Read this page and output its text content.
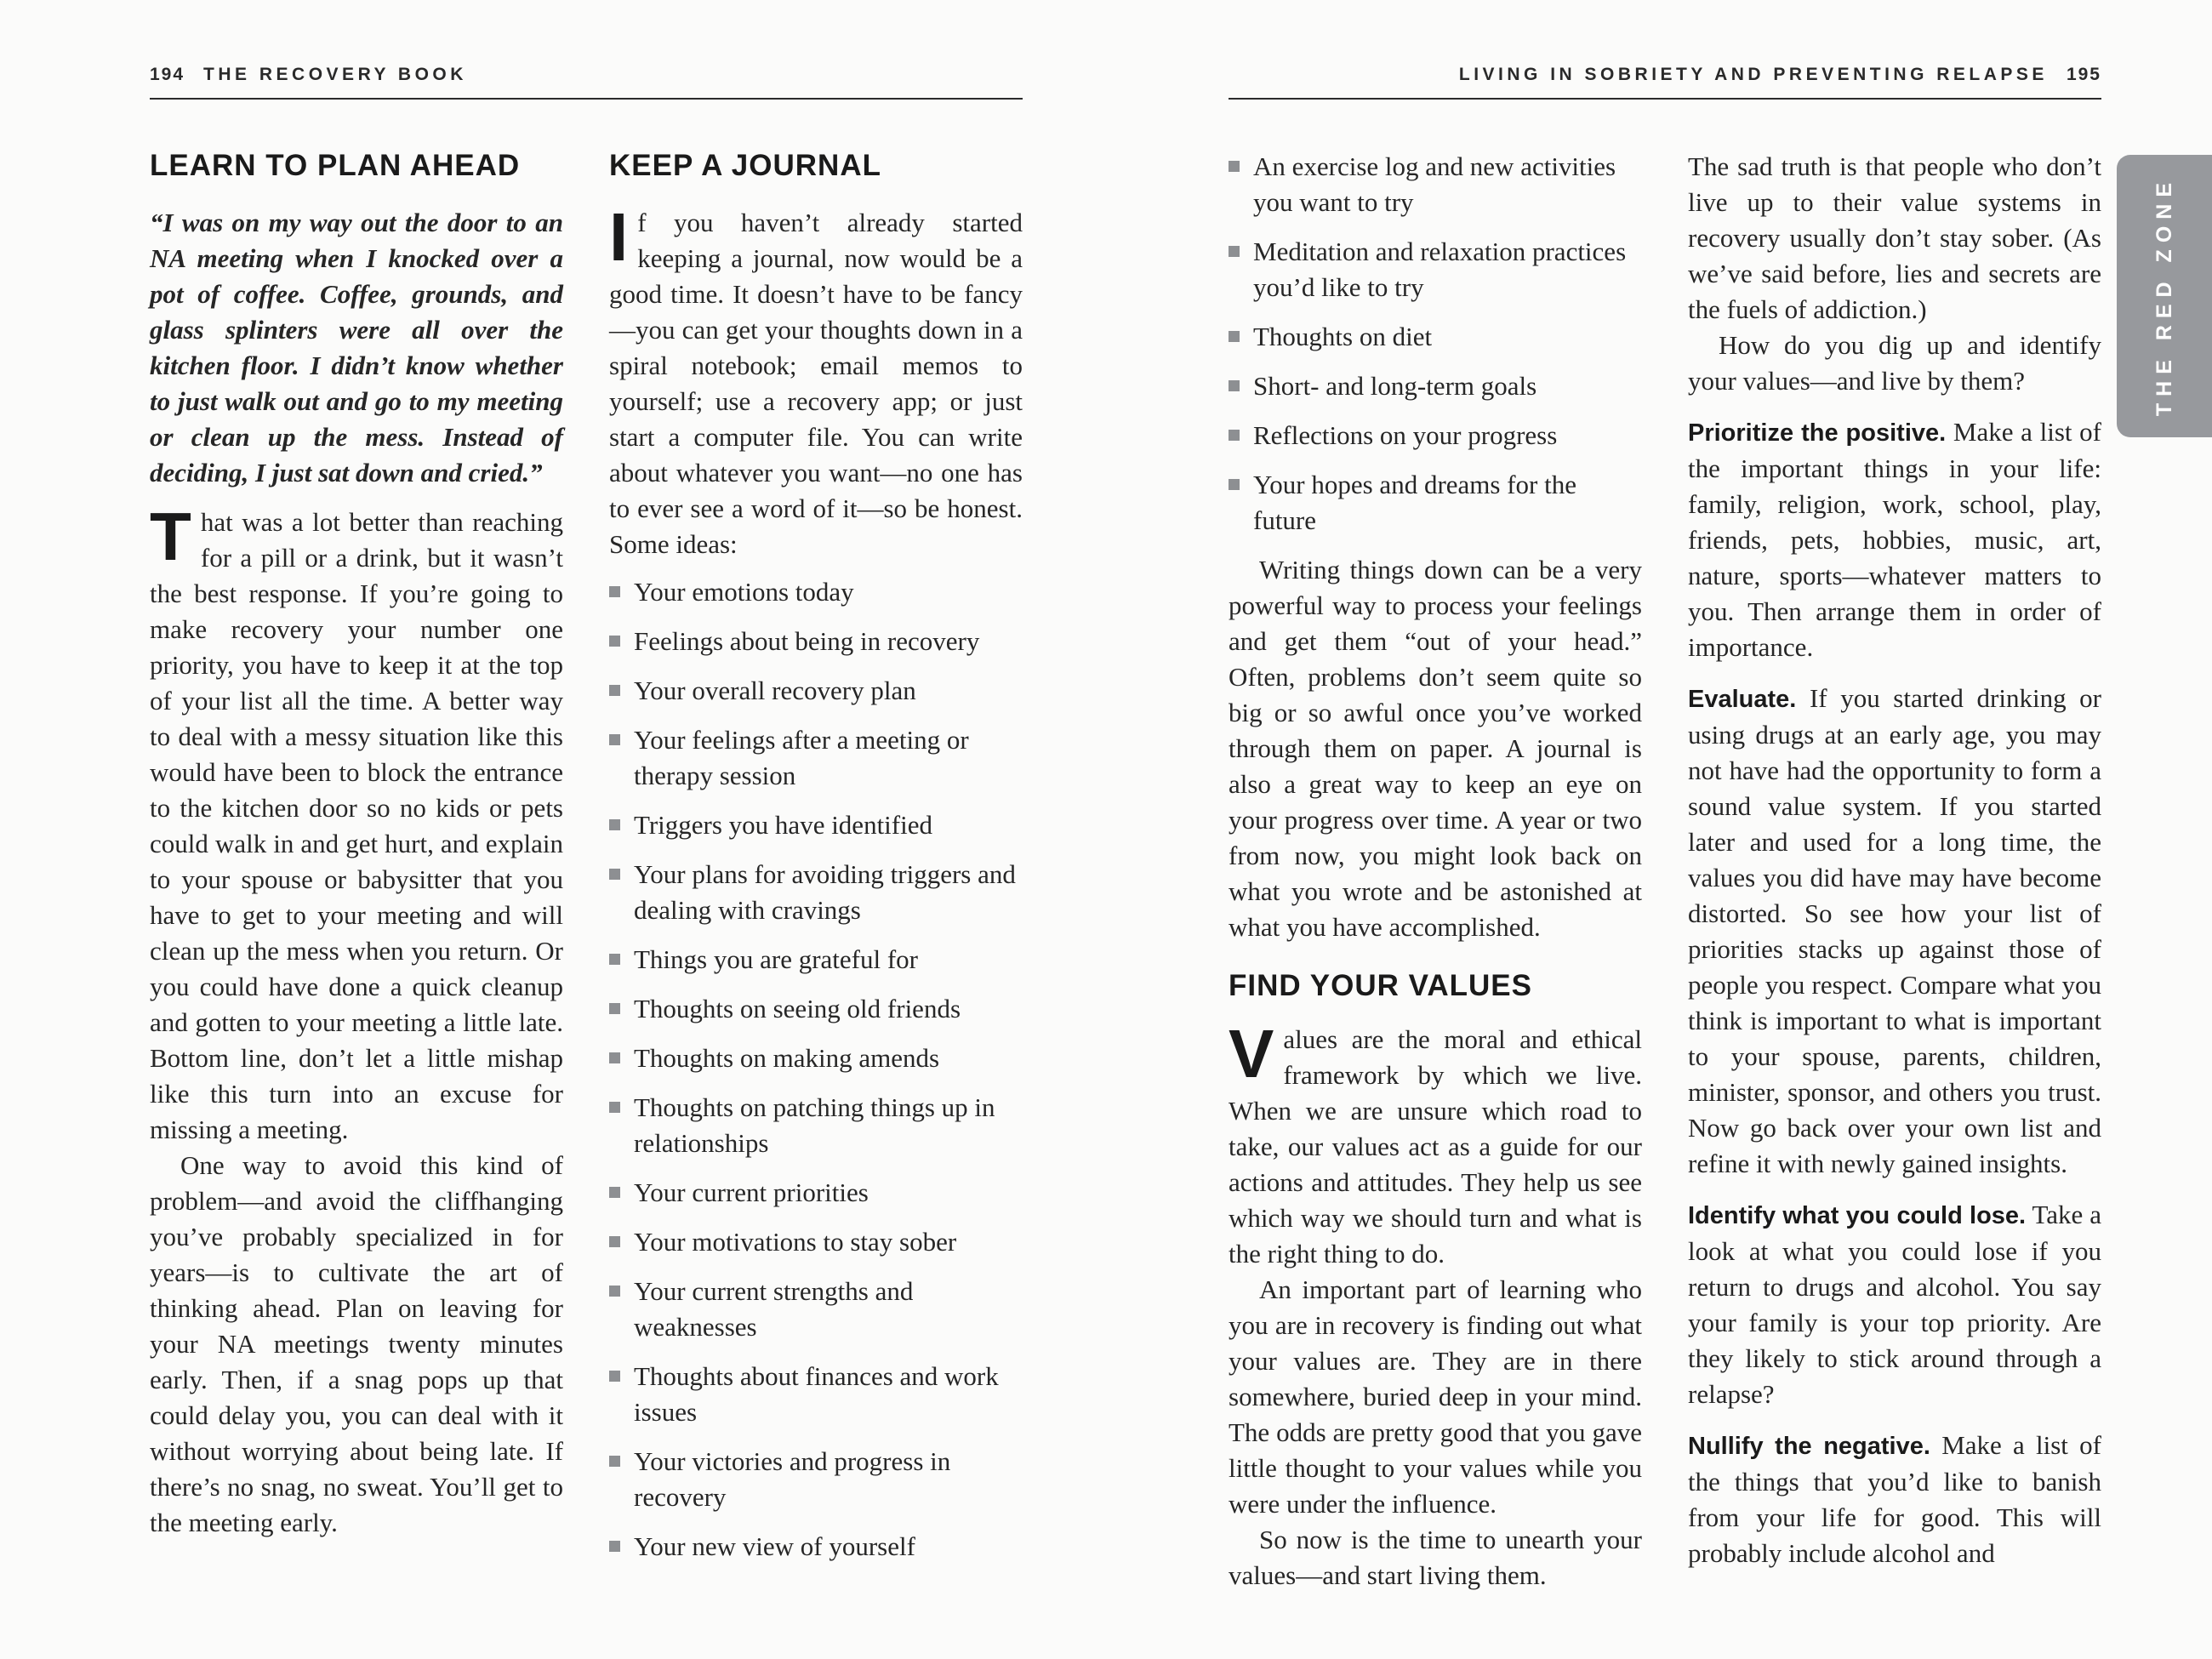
194 THE RECOVERY BOOK
LEARN TO PLAN AHEAD

“I was on my way out the door to an NA meeting when I knocked over a pot of coffee. Coffee, grounds, and glass splinters were all over the kitchen floor. I didn’t know whether to just walk out and go to my meeting or clean up the mess. Instead of deciding, I just sat down and cried.”

That was a lot better than reaching for a pill or a drink, but it wasn’t the best response. If you’re going to make recovery your number one priority, you have to keep it at the top of your list all the time. A better way to deal with a messy situation like this would have been to block the entrance to the kitchen door so no kids or pets could walk in and get hurt, and explain to your spouse or babysitter that you have to get to your meeting and will clean up the mess when you return. Or you could have done a quick cleanup and gotten to your meeting a little late. Bottom line, don’t let a little mishap like this turn into an excuse for missing a meeting.

One way to avoid this kind of problem—and avoid the cliffhanging you’ve probably specialized in for years—is to cultivate the art of thinking ahead. Plan on leaving for your NA meetings twenty minutes early. Then, if a snag pops up that could delay you, you can deal with it without worrying about being late. If there’s no snag, no sweat. You’ll get to the meeting early.

KEEP A JOURNAL

If you haven’t already started keeping a journal, now would be a good time. It doesn’t have to be fancy—you can get your thoughts down in a spiral notebook; email memos to yourself; use a recovery app; or just start a computer file. You can write about whatever you want—no one has to ever see a word of it—so be honest. Some ideas:

Your emotions today
Feelings about being in recovery
Your overall recovery plan
Your feelings after a meeting or therapy session
Triggers you have identified
Your plans for avoiding triggers and dealing with cravings
Things you are grateful for
Thoughts on seeing old friends
Thoughts on making amends
Thoughts on patching things up in relationships
Your current priorities
Your motivations to stay sober
Your current strengths and weaknesses
Thoughts about finances and work issues
Your victories and progress in recovery
Your new view of yourself
LIVING IN SOBRIETY AND PREVENTING RELAPSE 195
An exercise log and new activities you want to try
Meditation and relaxation practices you’d like to try
Thoughts on diet
Short- and long-term goals
Reflections on your progress
Your hopes and dreams for the future

Writing things down can be a very powerful way to process your feelings and get them “out of your head.” Often, problems don’t seem quite so big or so awful once you’ve worked through them on paper. A journal is also a great way to keep an eye on your progress over time. A year or two from now, you might look back on what you wrote and be astonished at what you have accomplished.

FIND YOUR VALUES

Values are the moral and ethical framework by which we live. When we are unsure which road to take, our values act as a guide for our actions and attitudes. They help us see which way we should turn and what is the right thing to do.

An important part of learning who you are in recovery is finding out what your values are. They are in there somewhere, buried deep in your mind. The odds are pretty good that you gave little thought to your values while you were under the influence.

So now is the time to unearth your values—and start living them.

The sad truth is that people who don’t live up to their value systems in recovery usually don’t stay sober. (As we’ve said before, lies and secrets are the fuels of addiction.)

How do you dig up and identify your values—and live by them?

Prioritize the positive. Make a list of the important things in your life: family, religion, work, school, play, friends, pets, hobbies, music, art, nature, sports—whatever matters to you. Then arrange them in order of importance.

Evaluate. If you started drinking or using drugs at an early age, you may not have had the opportunity to form a sound value system. If you started later and used for a long time, the values you did have may have become distorted. So see how your list of priorities stacks up against those of people you respect. Compare what you think is important to what is important to your spouse, parents, children, minister, sponsor, and others you trust. Now go back over your own list and refine it with newly gained insights.

Identify what you could lose. Take a look at what you could lose if you return to drugs and alcohol. You say your family is your top priority. Are they likely to stick around through a relapse?

Nullify the negative. Make a list of the things that you’d like to banish from your life for good. This will probably include alcohol and

THE RED ZONE
